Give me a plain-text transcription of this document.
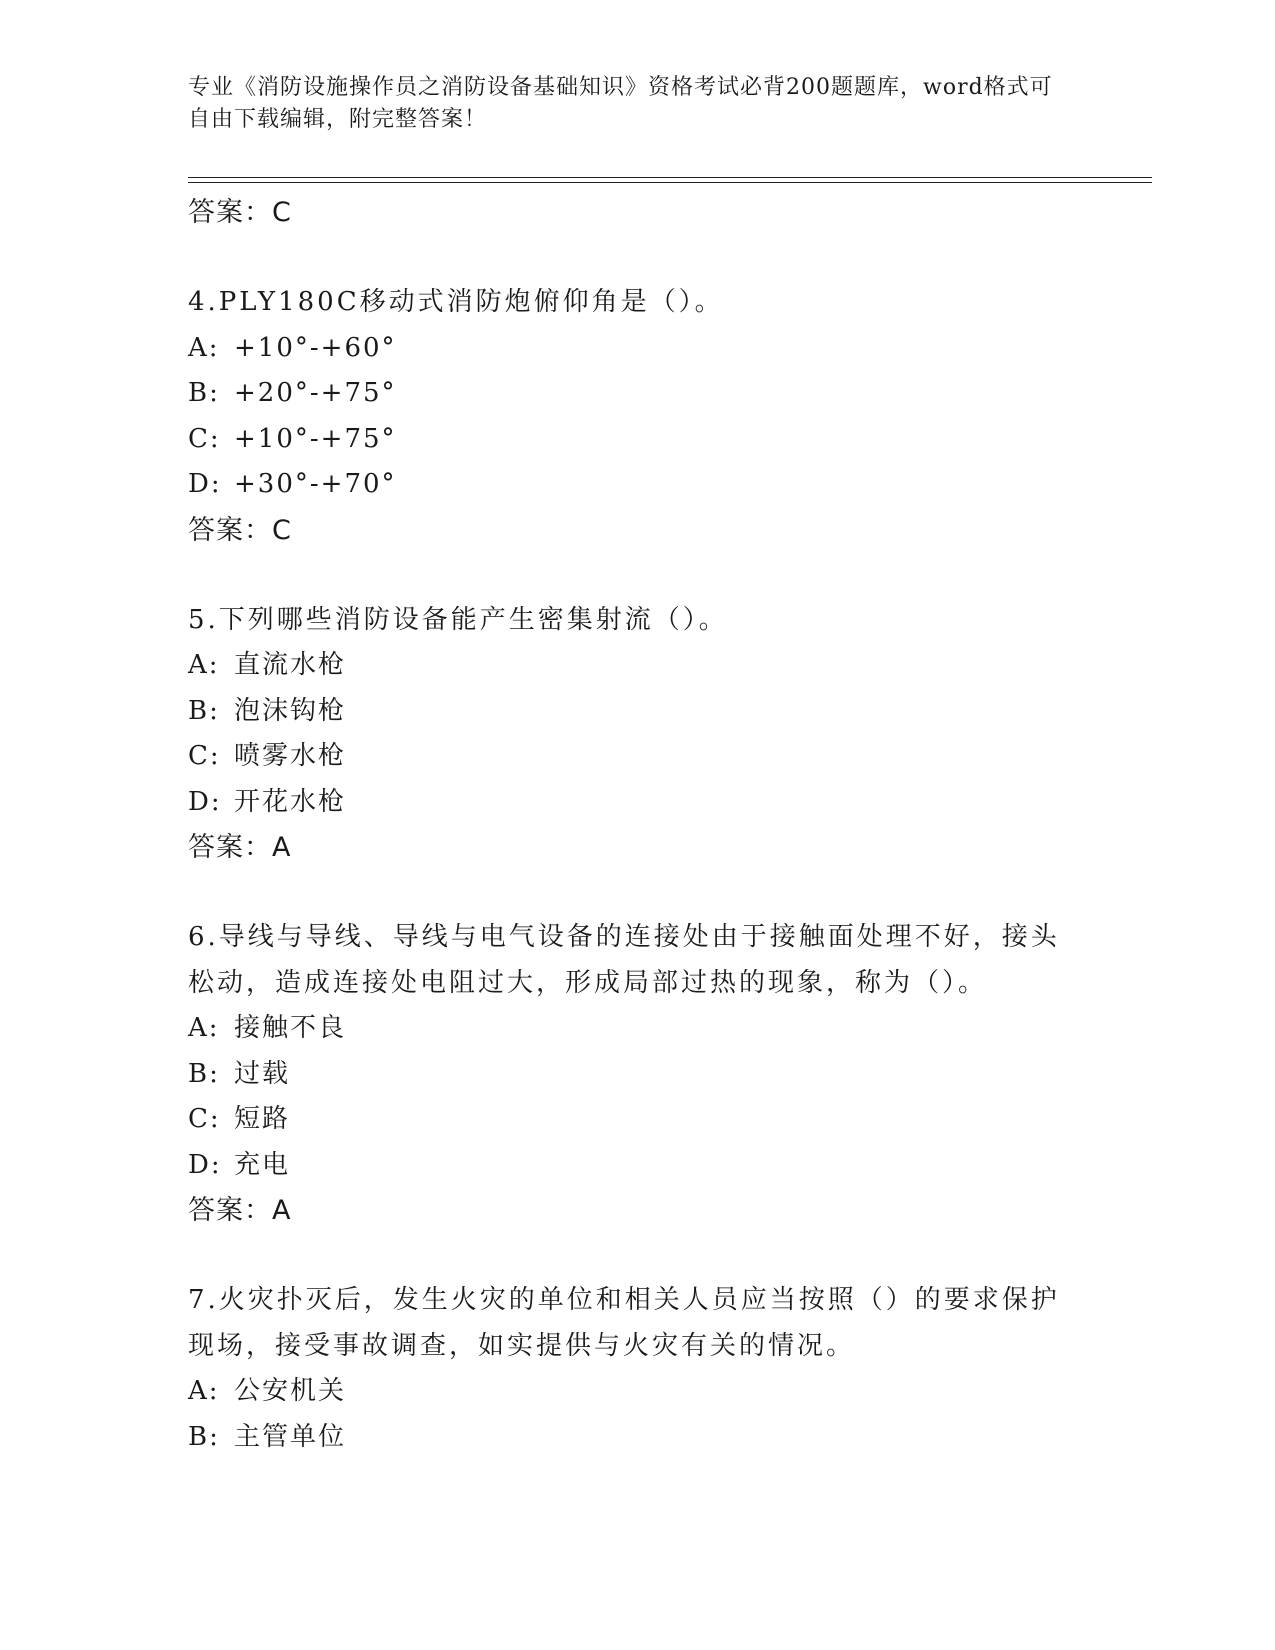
专业《消防设施操作员之消防设备基础知识》资格考试必背200题题库，word格式可自由下载编辑，附完整答案！
答案：C
4.PLY180C移动式消防炮俯仰角是（）。
A: +10°-+60°
B: +20°-+75°
C: +10°-+75°
D: +30°-+70°
答案：C
5.下列哪些消防设备能产生密集射流（）。
A: 直流水枪
B: 泡沫钩枪
C: 喷雾水枪
D: 开花水枪
答案：A
6.导线与导线、导线与电气设备的连接处由于接触面处理不好，接头松动，造成连接处电阻过大，形成局部过热的现象，称为（）。
A: 接触不良
B: 过载
C: 短路
D: 充电
答案：A
7.火灾扑灭后，发生火灾的单位和相关人员应当按照（）的要求保护现场，接受事故调查，如实提供与火灾有关的情况。
A: 公安机关
B: 主管单位
